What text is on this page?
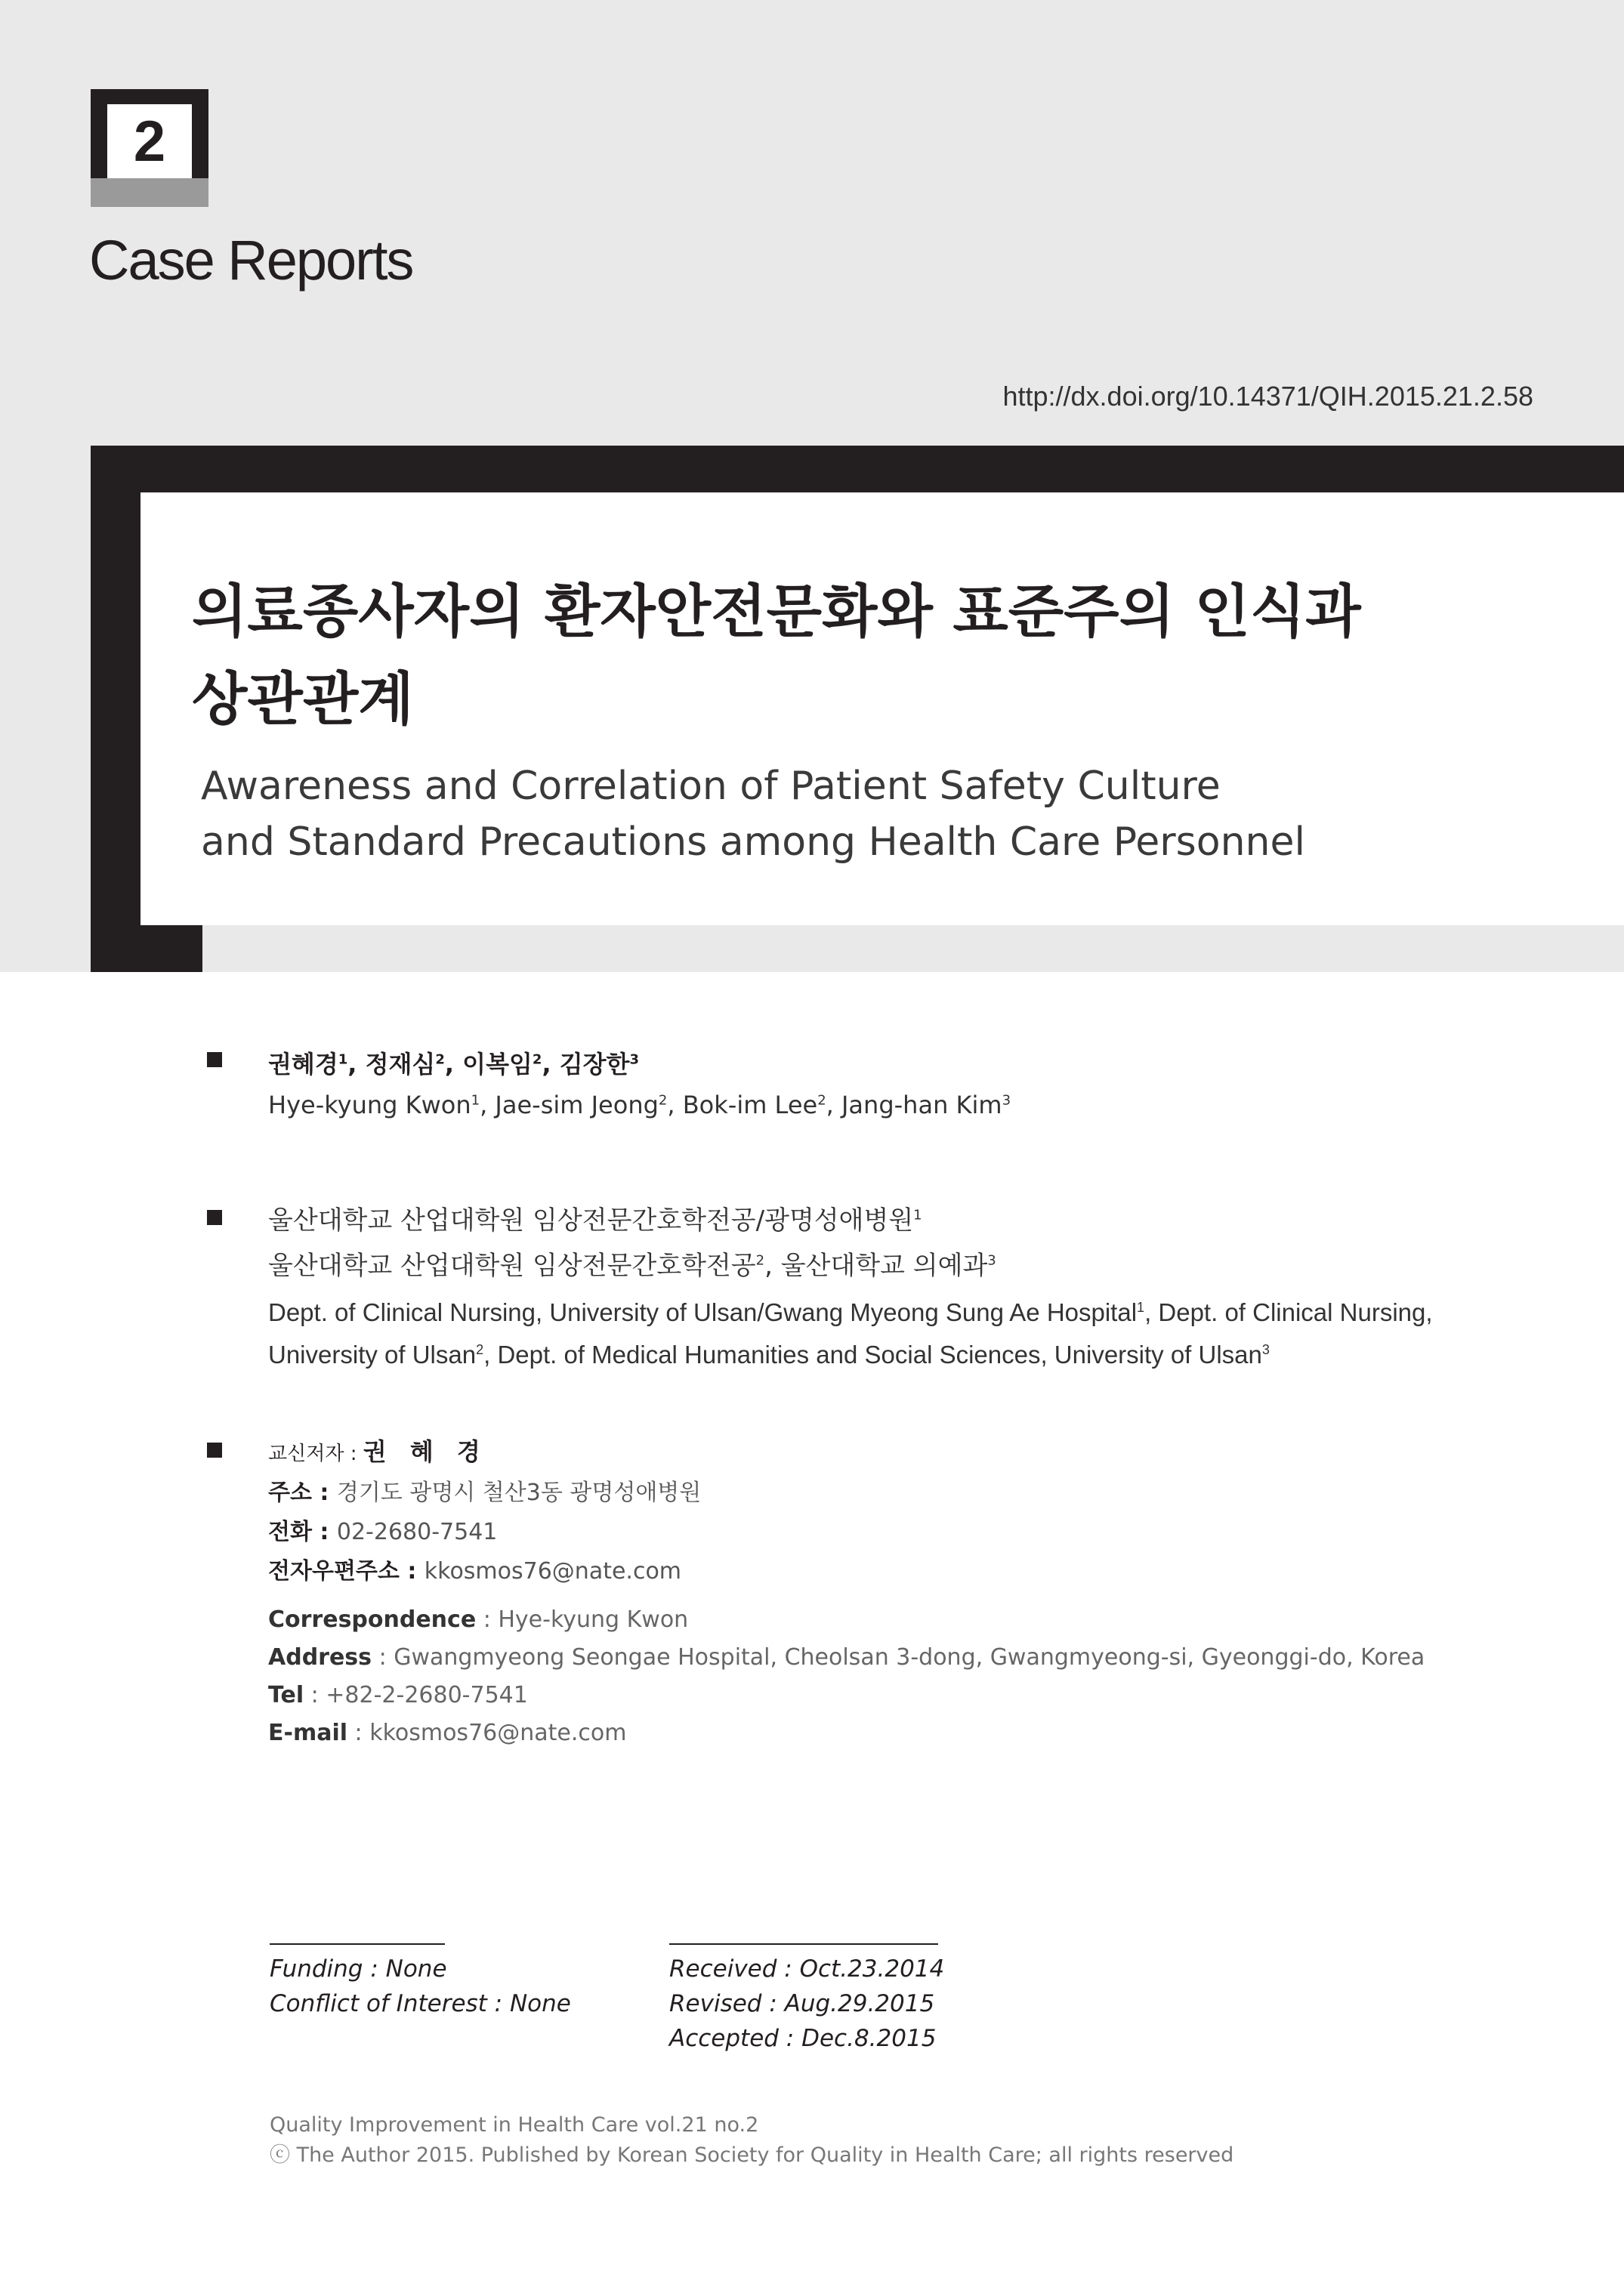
2
Case Reports
http://dx.doi.org/10.14371/QIH.2015.21.2.58
의료종사자의 환자안전문화와 표준주의 인식과
상관관계
Awareness and Correlation of Patient Safety Culture
and Standard Precautions among Health Care Personnel
권혜경$^1$, 정재심$^2$, 이복임$^2$, 김장한$^3$
Hye-kyung Kwon$^1$, Jae-sim Jeong$^2$, Bok-im Lee$^2$, Jang-han Kim$^3$
울산대학교 산업대학원 임상전문간호학전공/광명성애병원$^1$
울산대학교 산업대학원 임상전문간호학전공$^2$, 울산대학교 의예과$^3$
Dept. of Clinical Nursing, University of Ulsan/Gwang Myeong Sung Ae Hospital$^1$, Dept. of Clinical Nursing,
University of Ulsan$^2$, Dept. of Medical Humanities and Social Sciences, University of Ulsan$^3$
교신저자 : 권 혜 경
주소 : 경기도 광명시 철산3동 광명성애병원
전화 : 02-2680-7541
전자우편주소 : kkosmos76@nate.com
Correspondence : Hye-kyung Kwon
Address : Gwangmyeong Seongae Hospital, Cheolsan 3-dong, Gwangmyeong-si, Gyeonggi-do, Korea
Tel : +82-2-2680-7541
E-mail : kkosmos76@nate.com
Funding : None
Conflict of Interest : None
Received : Oct.23.2014
Revised : Aug.29.2015
Accepted : Dec.8.2015
Quality Improvement in Health Care vol.21 no.2
ⓒ The Author 2015. Published by Korean Society for Quality in Health Care; all rights reserved
